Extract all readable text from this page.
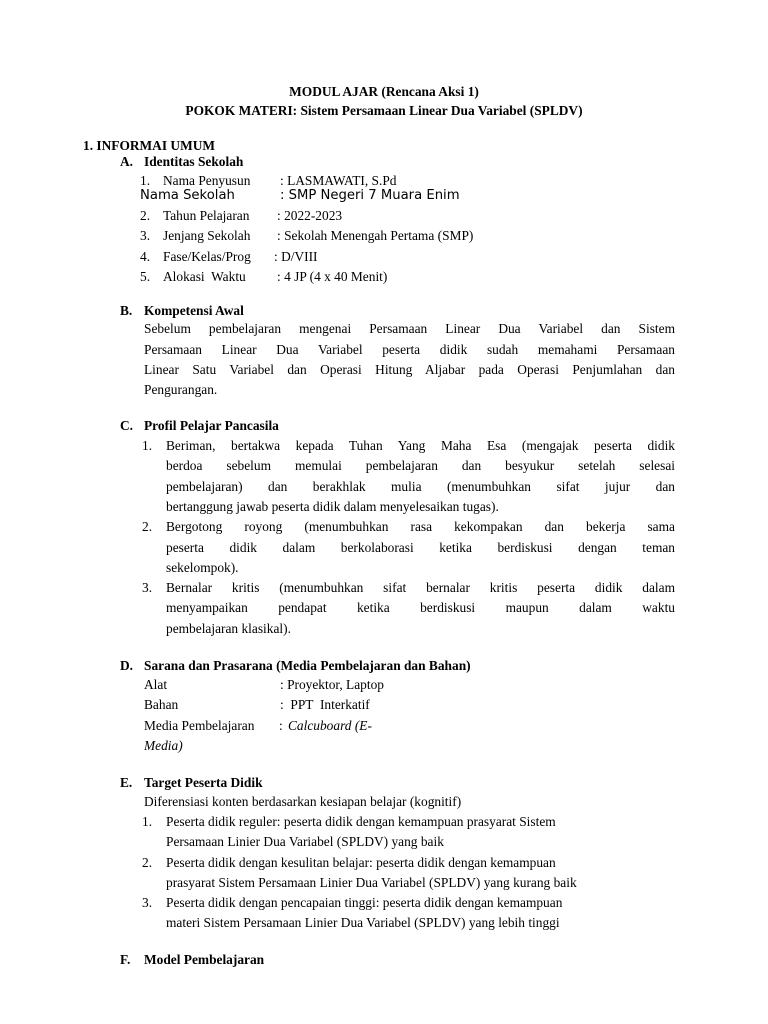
MODUL AJAR (Rencana Aksi 1)
POKOK MATERI: Sistem Persamaan Linear Dua Variabel (SPLDV)
1. INFORMAI UMUM
A. Identitas Sekolah
1. Nama Penyusun : LASMAWATI, S.Pd
Nama Sekolah	: SMP Negeri 7 Muara Enim
2. Tahun Pelajaran : 2022-2023
3. Jenjang Sekolah : Sekolah Menengah Pertama (SMP)
4. Fase/Kelas/Prog : D/VIII
5. Alokasi  Waktu : 4 JP (4 x 40 Menit)
B. Kompetensi Awal
Sebelum pembelajaran mengenai Persamaan Linear Dua Variabel dan Sistem
Persamaan Linear Dua Variabel peserta didik sudah memahami Persamaan
Linear Satu Variabel dan Operasi Hitung Aljabar pada Operasi Penjumlahan dan
Pengurangan.
C. Profil Pelajar Pancasila
1. Beriman, bertakwa kepada Tuhan Yang Maha Esa (mengajak peserta didik
berdoa sebelum memulai pembelajaran dan besyukur setelah selesai
pembelajaran) dan berakhlak mulia (menumbuhkan sifat jujur dan
bertanggung jawab peserta didik dalam menyelesaikan tugas).
2. Bergotong royong (menumbuhkan rasa kekompakan dan bekerja sama
peserta didik dalam berkolaborasi ketika berdiskusi dengan teman
sekelompok).
3. Bernalar kritis (menumbuhkan sifat bernalar kritis peserta didik dalam
menyampaikan pendapat ketika berdiskusi maupun dalam waktu
pembelajaran klasikal).
D. Sarana dan Prasarana (Media Pembelajaran dan Bahan)
Alat	: Proyektor, Laptop
Bahan	:  PPT  Interkatif
Media Pembelajaran : Calcuboard (E-
Media)
E. Target Peserta Didik
Diferensiasi konten berdasarkan kesiapan belajar (kognitif)
1. Peserta didik reguler: peserta didik dengan kemampuan prasyarat Sistem
Persamaan Linier Dua Variabel (SPLDV) yang baik
2. Peserta didik dengan kesulitan belajar: peserta didik dengan kemampuan
prasyarat Sistem Persamaan Linier Dua Variabel (SPLDV) yang kurang baik
3. Peserta didik dengan pencapaian tinggi: peserta didik dengan kemampuan
materi Sistem Persamaan Linier Dua Variabel (SPLDV) yang lebih tinggi
F. Model Pembelajaran
